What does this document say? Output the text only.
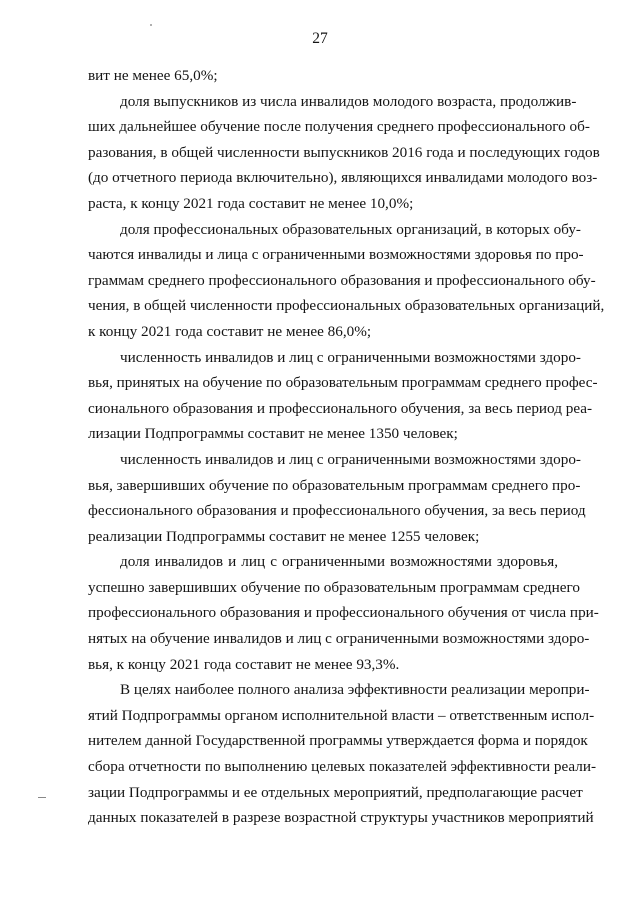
27
вит не менее 65,0%;
доля выпускников из числа инвалидов молодого возраста, продолжив-
ших дальнейшее обучение после получения среднего профессионального об-
разования, в общей численности выпускников 2016 года и последующих годов
(до отчетного периода включительно), являющихся инвалидами молодого воз-
раста, к концу 2021 года составит не менее 10,0%;
доля профессиональных образовательных организаций, в которых обу-
чаются инвалиды и лица с ограниченными возможностями здоровья по про-
граммам среднего профессионального образования и профессионального обу-
чения, в общей численности профессиональных образовательных организаций,
к концу 2021 года составит не менее 86,0%;
численность инвалидов и лиц с ограниченными возможностями здоро-
вья, принятых на обучение по образовательным программам среднего профес-
сионального образования и профессионального обучения, за весь период реа-
лизации Подпрограммы составит не менее 1350 человек;
численность инвалидов и лиц с ограниченными возможностями здоро-
вья, завершивших обучение по образовательным программам среднего про-
фессионального образования и профессионального обучения, за весь период
реализации Подпрограммы составит не менее 1255 человек;
доля инвалидов и лиц с ограниченными возможностями здоровья,
успешно завершивших обучение по образовательным программам среднего
профессионального образования и профессионального обучения от числа при-
нятых на обучение инвалидов и лиц с ограниченными возможностями здоро-
вья, к концу 2021 года составит не менее 93,3%.
В целях наиболее полного анализа эффективности реализации меропри-
ятий Подпрограммы органом исполнительной власти – ответственным испол-
нителем данной Государственной программы утверждается форма и порядок
сбора отчетности по выполнению целевых показателей эффективности реали-
зации Подпрограммы и ее отдельных мероприятий, предполагающие расчет
данных показателей в разрезе возрастной структуры участников мероприятий
